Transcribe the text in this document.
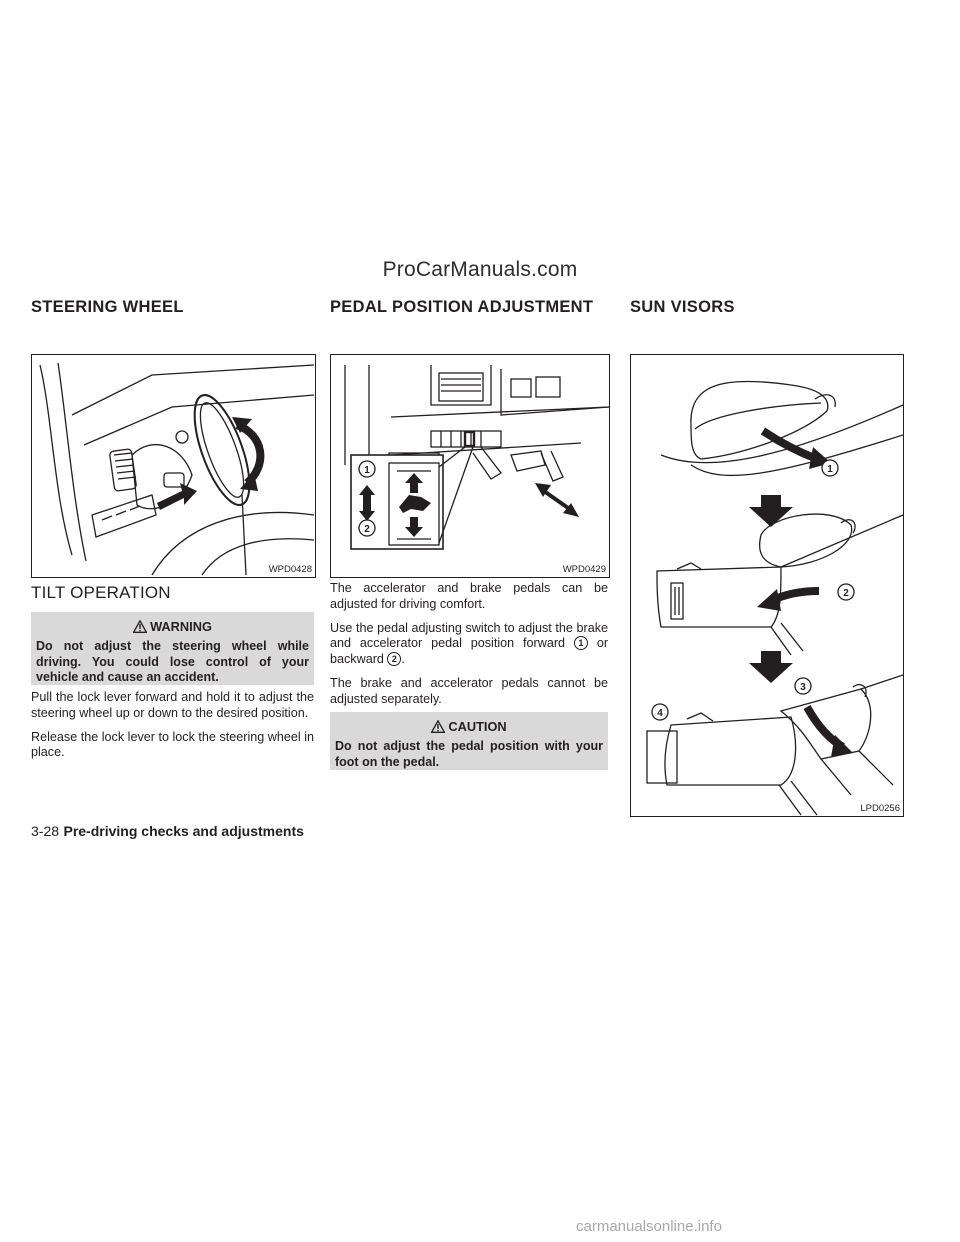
ProCarManuals.com
STEERING WHEEL	PEDAL POSITION ADJUSTMENT SUN VISORS
WPD0428
TILT OPERATION
WARNING
Do not adjust the steering wheel while driving. You could lose control of your vehicle and cause an accident.

Pull the lock lever forward and hold it to adjust the steering wheel up or down to the desired position.

Release the lock lever to lock the steering wheel in place.

1
2
WPD0429

The accelerator and brake pedals can be adjusted for driving comfort.

Use the pedal adjusting switch to adjust the brake and accelerator pedal position forward 1 or backward 2 .

The brake and accelerator pedals cannot be adjusted separately.

CAUTION
Do not adjust the pedal position with your foot on the pedal.
1
2
3
4
LPD0256
3-28 Pre-driving checks and adjustments
carmanualsonline.info
